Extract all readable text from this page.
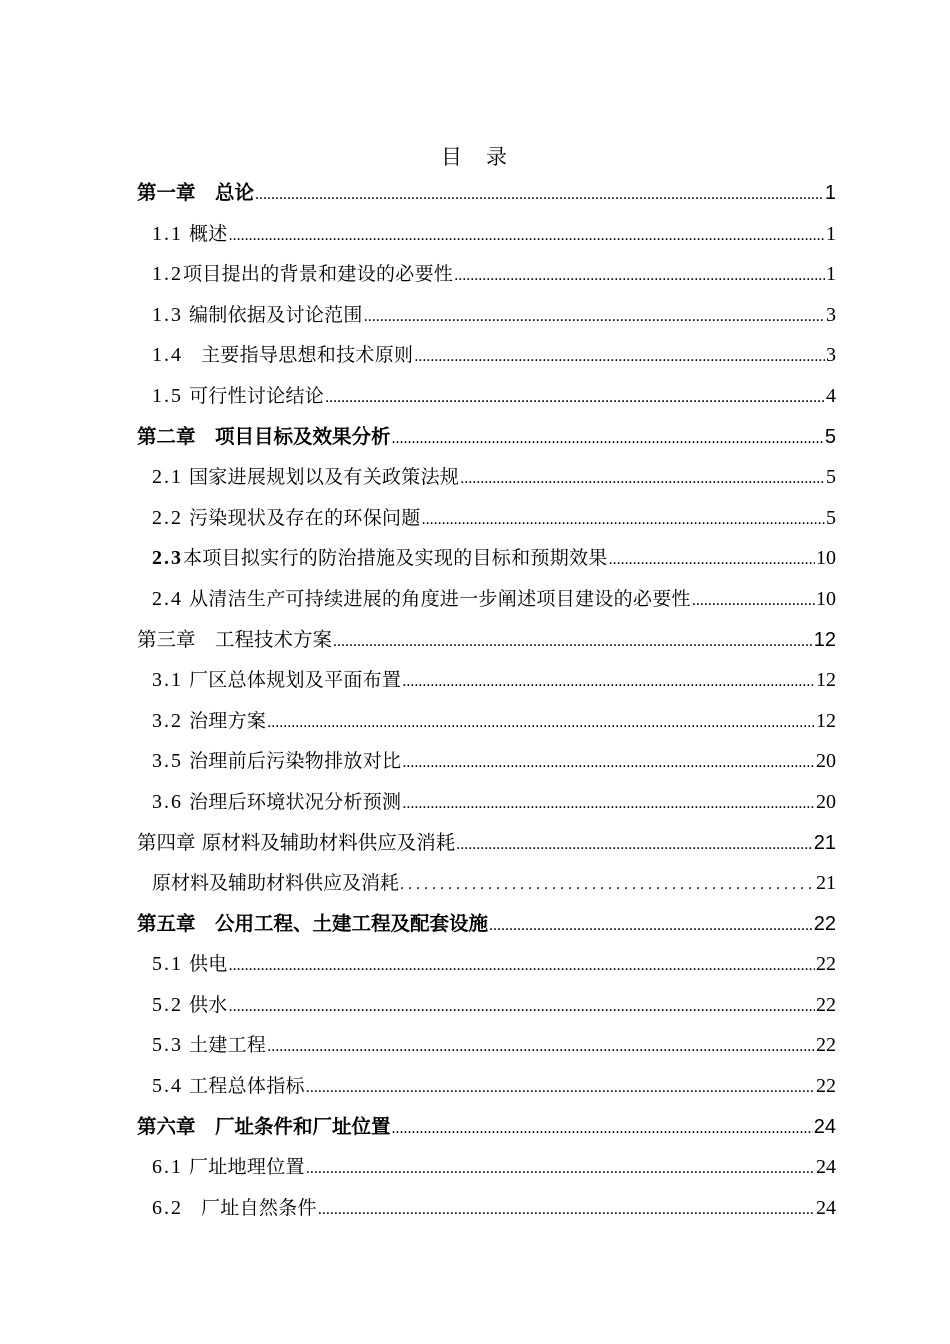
目 录
第一章　总论 .....	1
1.1 概述 .....	1
1.2项目提出的背景和建设的必要性 .....	1
1.3 编制依据及讨论范围 .....	3
1.4 主要指导思想和技术原则 .....	3
1.5 可行性讨论结论 .....	4
第二章　项目目标及效果分析 .....	5
2.1 国家进展规划以及有关政策法规 .....	5
2.2 污染现状及存在的环保问题 .....	5
2.3本项目拟实行的防治措施及实现的目标和预期效果 .....	10
2.4 从清洁生产可持续进展的角度进一步阐述项目建设的必要性 .....	10
第三章　工程技术方案 .....	12
3.1 厂区总体规划及平面布置 .....	12
3.2 治理方案 .....	12
3.5 治理前后污染物排放对比 .....	20
3.6 治理后环境状况分析预测 .....	20
第四章 原材料及辅助材料供应及消耗 .....	21
原材料及辅助材料供应及消耗 . . .	21
第五章　公用工程、土建工程及配套设施 .....	22
5.1 供电 .....	22
5.2 供水 .....	22
5.3 土建工程 .....	22
5.4 工程总体指标 .....	22
第六章　厂址条件和厂址位置 .....	24
6.1 厂址地理位置 .....	24
6.2 厂址自然条件 .....	24
